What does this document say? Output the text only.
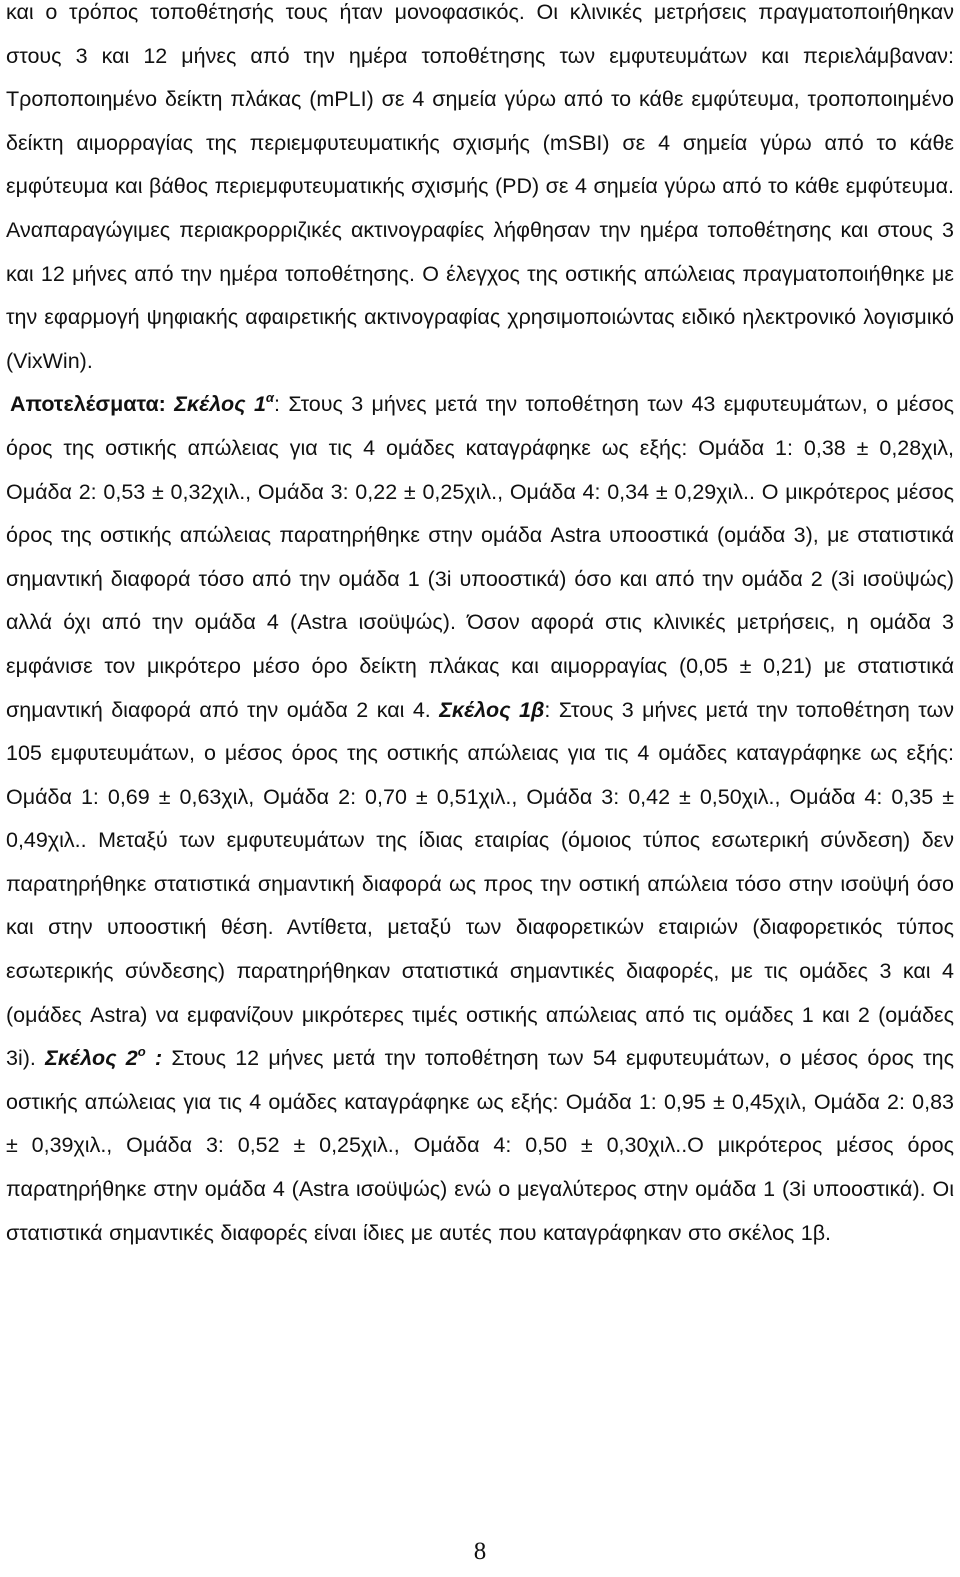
και ο τρόπος τοποθέτησής τους ήταν μονοφασικός. Οι κλινικές μετρήσεις πραγματοποιήθηκαν στους 3 και 12 μήνες από την ημέρα τοποθέτησης των εμφυτευμάτων και περιελάμβαναν: Τροποποιημένο δείκτη πλάκας (mPLI) σε 4 σημεία γύρω από το κάθε εμφύτευμα, τροποποιημένο δείκτη αιμορραγίας της περιεμφυτευματικής σχισμής (mSBI) σε 4 σημεία γύρω από το κάθε εμφύτευμα και βάθος περιεμφυτευματικής σχισμής (PD) σε 4 σημεία γύρω από το κάθε εμφύτευμα. Αναπαραγώγιμες περιακρορριζικές ακτινογραφίες λήφθησαν την ημέρα τοποθέτησης και στους 3 και 12 μήνες από την ημέρα τοποθέτησης. Ο έλεγχος της οστικής απώλειας πραγματοποιήθηκε με την εφαρμογή ψηφιακής αφαιρετικής ακτινογραφίας χρησιμοποιώντας ειδικό ηλεκτρονικό λογισμικό (VixWin).
Αποτελέσματα: Σκέλος $1^\alpha$: Στους 3 μήνες μετά την τοποθέτηση των 43 εμφυτευμάτων, ο μέσος όρος της οστικής απώλειας για τις 4 ομάδες καταγράφηκε ως εξής: Ομάδα 1: 0,38 ± 0,28χιλ, Ομάδα 2: 0,53 ± 0,32χιλ., Ομάδα 3: 0,22 ± 0,25χιλ., Ομάδα 4: 0,34 ± 0,29χιλ.. Ο μικρότερος μέσος όρος της οστικής απώλειας παρατηρήθηκε στην ομάδα Astra υποοστικά (ομάδα 3), με στατιστικά σημαντική διαφορά τόσο από την ομάδα 1 (3i υποοστικά) όσο και από την ομάδα 2 (3i ισοϋψώς) αλλά όχι από την ομάδα 4 (Astra ισοϋψώς). Όσον αφορά στις κλινικές μετρήσεις, η ομάδα 3 εμφάνισε τον μικρότερο μέσο όρο δείκτη πλάκας και αιμορραγίας (0,05 ± 0,21) με στατιστικά σημαντική διαφορά από την ομάδα 2 και 4. Σκέλος 1β: Στους 3 μήνες μετά την τοποθέτηση των 105 εμφυτευμάτων, ο μέσος όρος της οστικής απώλειας για τις 4 ομάδες καταγράφηκε ως εξής: Ομάδα 1: 0,69 ± 0,63χιλ, Ομάδα 2: 0,70 ± 0,51χιλ., Ομάδα 3: 0,42 ± 0,50χιλ., Ομάδα 4: 0,35 ± 0,49χιλ.. Μεταξύ των εμφυτευμάτων της ίδιας εταιρίας (όμοιος τύπος εσωτερική σύνδεση) δεν παρατηρήθηκε στατιστικά σημαντική διαφορά ως προς την οστική απώλεια τόσο στην ισοϋψή όσο και στην υποοστική θέση. Αντίθετα, μεταξύ των διαφορετικών εταιριών (διαφορετικός τύπος εσωτερικής σύνδεσης) παρατηρήθηκαν στατιστικά σημαντικές διαφορές, με τις ομάδες 3 και 4 (ομάδες Astra) να εμφανίζουν μικρότερες τιμές οστικής απώλειας από τις ομάδες 1 και 2 (ομάδες 3i). Σκέλος $2^o$ : Στους 12 μήνες μετά την τοποθέτηση των 54 εμφυτευμάτων, ο μέσος όρος της οστικής απώλειας για τις 4 ομάδες καταγράφηκε ως εξής: Ομάδα 1: 0,95 ± 0,45χιλ, Ομάδα 2: 0,83 ± 0,39χιλ., Ομάδα 3: 0,52 ± 0,25χιλ., Ομάδα 4: 0,50 ± 0,30χιλ..Ο μικρότερος μέσος όρος παρατηρήθηκε στην ομάδα 4 (Astra ισοϋψώς) ενώ ο μεγαλύτερος στην ομάδα 1 (3i υποοστικά). Οι στατιστικά σημαντικές διαφορές είναι ίδιες με αυτές που καταγράφηκαν στο σκέλος 1β.

8
